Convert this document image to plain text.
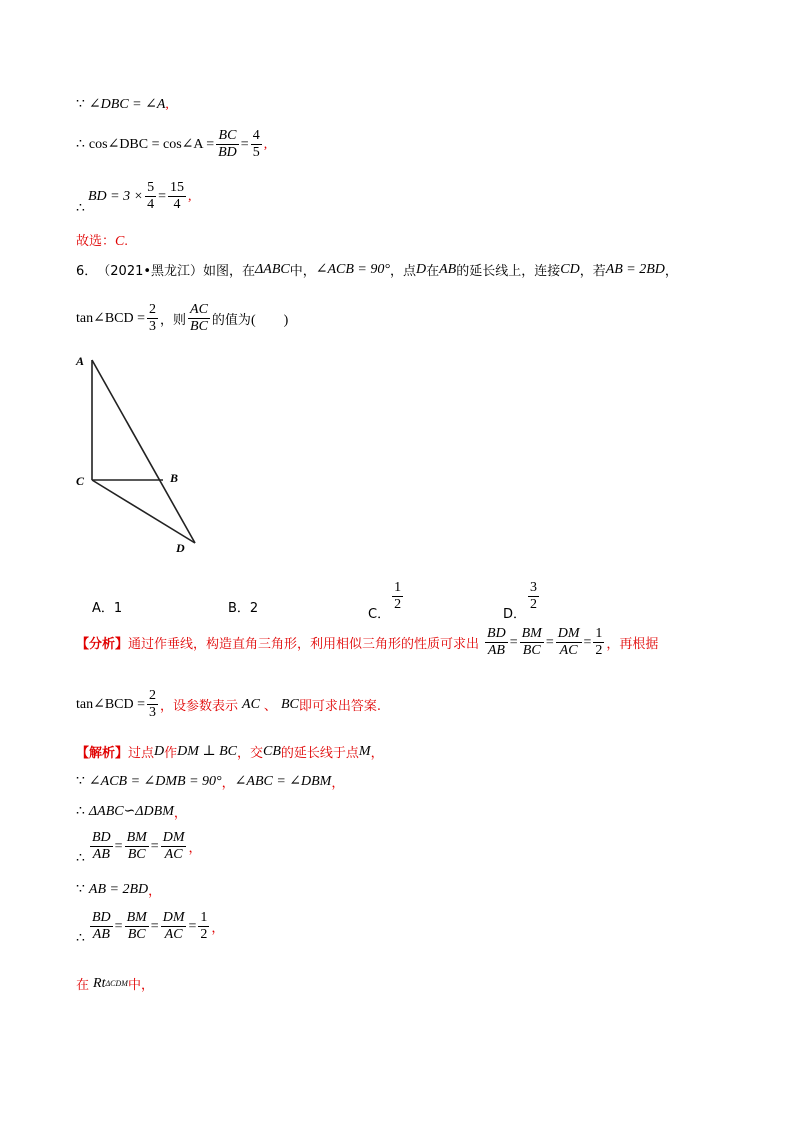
∵ ∠DBC = ∠A ,
∴ cos∠DBC = cos∠A = $\frac{BC}{BD} = \frac{4}{5}$ ,
BD = $3 \times \frac{5}{4} = \frac{15}{4}$ ,
∴
故选：C.
6． （2021•黑龙江）如图，在 ΔABC 中， ∠ACB = 90° ，点 D 在 AB 的延长线上，连接 CD ，若 AB = 2BD ，
tan∠BCD = $\frac{2}{3}$ ，则 $\frac{AC}{BC}$ 的值为 (　　)
A
C	B
D
A．1	B．2	C．
$\frac{1}{2}$
D．
$\frac{3}{2}$
【分析】 通过作垂线，构造直角三角形，利用相似三角形的性质可求出 $\frac{BD}{AB} = \frac{BM}{BC} = \frac{DM}{AC} = \frac{1}{2}$ ，再根据
tan∠BCD = $\frac{2}{3}$ ，设参数表示 AC 、 BC 即可求出答案.
【解析】 过点 D 作 DM ⊥ BC ，交 CB 的延长线于点 M ，
∵ ∠ACB = ∠DMB = 90° ， ∠ABC = ∠DBM ，
∴ ΔABC∽ΔDBM ，
$\frac{BD}{AB} = \frac{BM}{BC} = \frac{DM}{AC}$ ，
∴
∵ AB = 2BD ，
$\frac{BD}{AB} = \frac{BM}{BC} = \frac{DM}{AC} = \frac{1}{2}$ ，
∴
在 Rt ΔCDM 中，
